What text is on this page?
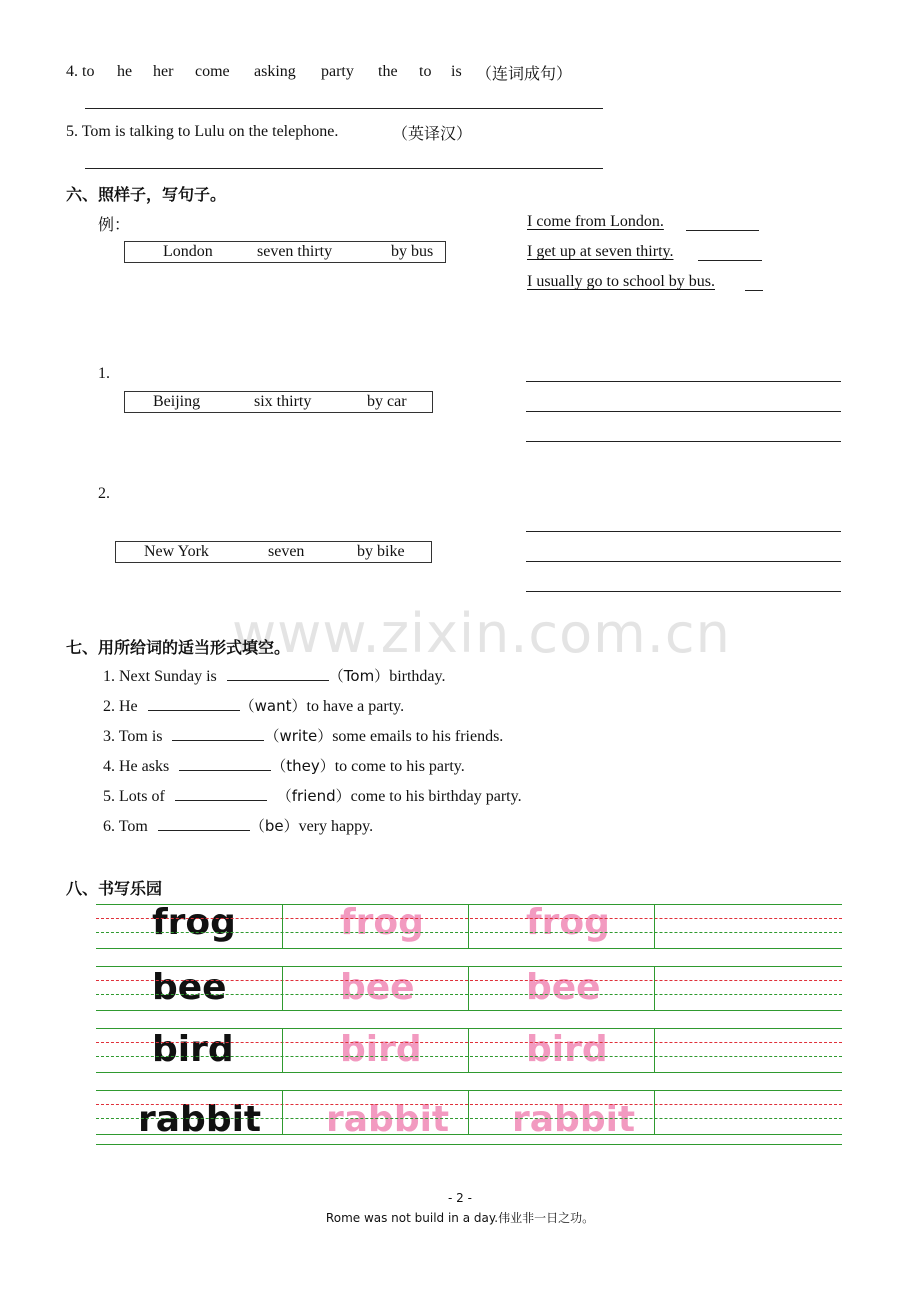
4. to he her come asking party the to is （连词成句）
5. Tom is talking to Lulu on the telephone.	（英译汉）
六、照样子，写句子。
例：
London	seven thirty	by bus
I come from London.
I get up at seven thirty.
I usually go to school by bus.
1.
Beijing	six thirty	by car
2.
New York	seven	by bike
www.zixin.com.cn
七、用所给词的适当形式填空。
1. Next Sunday is	（Tom）birthday.
2. He	（want）to have a party.
3. Tom is	（write）some emails to his friends.
4. He asks	（they）to come to his party.
5. Lots of	（friend）come to his birthday party.
6. Tom	（be）very happy.
八、书写乐园
frog	frog	frog
bee	bee	bee
bird	bird	bird
rabbit rabbit rabbit
- 2 -
Rome was not build in a day.伟业非一日之功。
